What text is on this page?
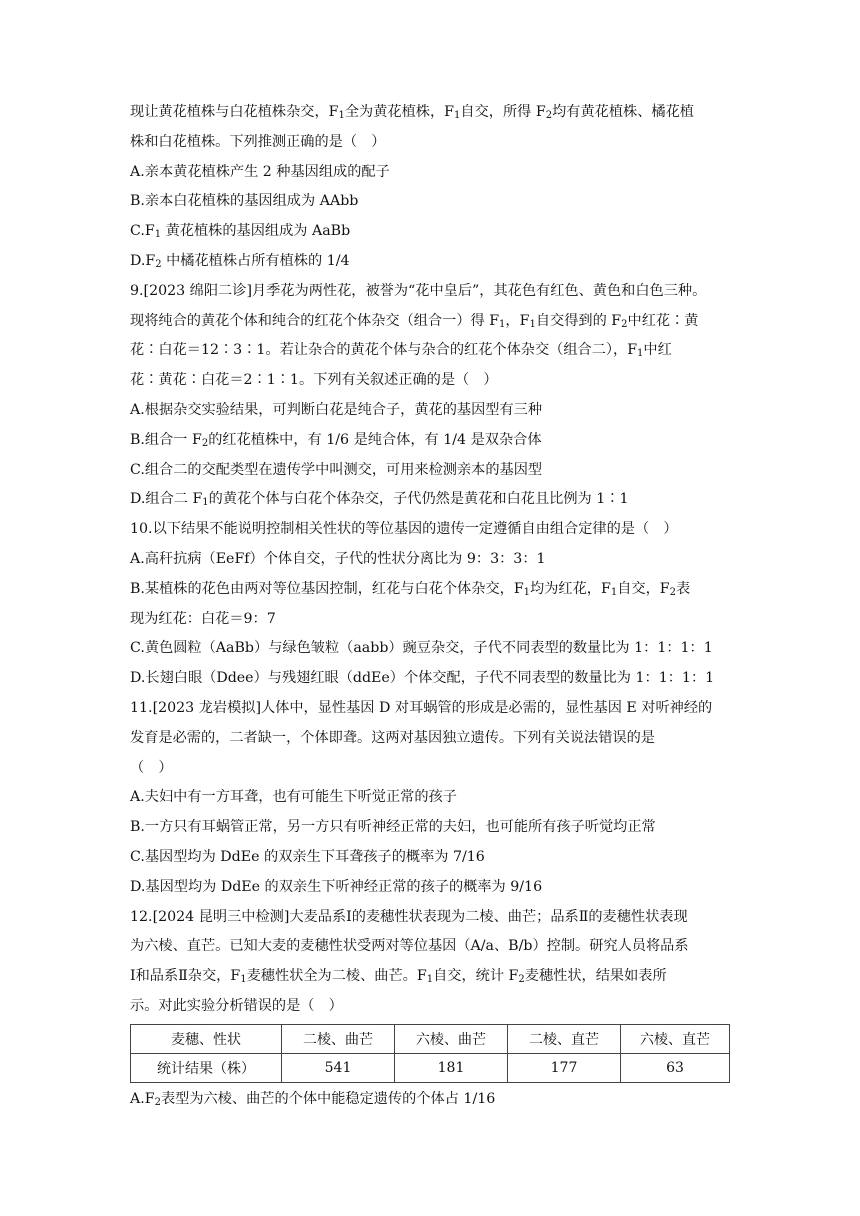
现让黄花植株与白花植株杂交，$F_1$全为黄花植株，$F_1$自交，所得 $F_2$均有黄花植株、橘花植
株和白花植株。下列推测正确的是（　）
A.亲本黄花植株产生 2 种基因组成的配子
B.亲本白花植株的基因组成为 AAbb
$C.F_1$ 黄花植株的基因组成为 AaBb
$D.F_2$ 中橘花植株占所有植株的 1/4
9.[2023 绵阳二诊]月季花为两性花，被誉为“花中皇后”，其花色有红色、黄色和白色三种。
现将纯合的黄花个体和纯合的红花个体杂交（组合一）得 $F_1$，$F_1$自交得到的 $F_2$中红花∶黄
花∶白花＝12∶3∶1。若让杂合的黄花个体与杂合的红花个体杂交（组合二），$F_1$中红
花∶黄花∶白花＝2∶1∶1。下列有关叙述正确的是（　）
A.根据杂交实验结果，可判断白花是纯合子，黄花的基因型有三种
B.组合一 $F_2$的红花植株中，有 1/6 是纯合体，有 1/4 是双杂合体
C.组合二的交配类型在遗传学中叫测交，可用来检测亲本的基因型
D.组合二 $F_1$的黄花个体与白花个体杂交，子代仍然是黄花和白花且比例为 1∶1
10.以下结果不能说明控制相关性状的等位基因的遗传一定遵循自由组合定律的是（　）
A.高秆抗病（EeFf）个体自交，子代的性状分离比为 9：3：3：1
B.某植株的花色由两对等位基因控制，红花与白花个体杂交，$F_1$均为红花，$F_1$自交，$F_2$表
现为红花：白花＝9：7
C.黄色圆粒（AaBb）与绿色皱粒（aabb）豌豆杂交，子代不同表型的数量比为 1：1：1：1
D.长翅白眼（Ddee）与残翅红眼（ddEe）个体交配，子代不同表型的数量比为 1：1：1：1
11.[2023 龙岩模拟]人体中，显性基因 D 对耳蜗管的形成是必需的，显性基因 E 对听神经的
发育是必需的，二者缺一，个体即聋。这两对基因独立遗传。下列有关说法错误的是
（　）
A.夫妇中有一方耳聋，也有可能生下听觉正常的孩子
B.一方只有耳蜗管正常，另一方只有听神经正常的夫妇，也可能所有孩子听觉均正常
C.基因型均为 DdEe 的双亲生下耳聋孩子的概率为 7/16
D.基因型均为 DdEe 的双亲生下听神经正常的孩子的概率为 9/16
12.[2024 昆明三中检测]大麦品系Ⅰ的麦穗性状表现为二棱、曲芒；品系Ⅱ的麦穗性状表现
为六棱、直芒。已知大麦的麦穗性状受两对等位基因（A/a、B/b）控制。研究人员将品系
Ⅰ和品系Ⅱ杂交，$F_1$麦穗性状全为二棱、曲芒。$F_1$自交，统计 $F_2$麦穗性状，结果如表所
示。对此实验分析错误的是（　）
麦穗、性状	二棱、曲芒	六棱、曲芒	二棱、直芒	六棱、直芒
统计结果（株）	541	181	177	63
$A.F_2$表型为六棱、曲芒的个体中能稳定遗传的个体占 1/16
